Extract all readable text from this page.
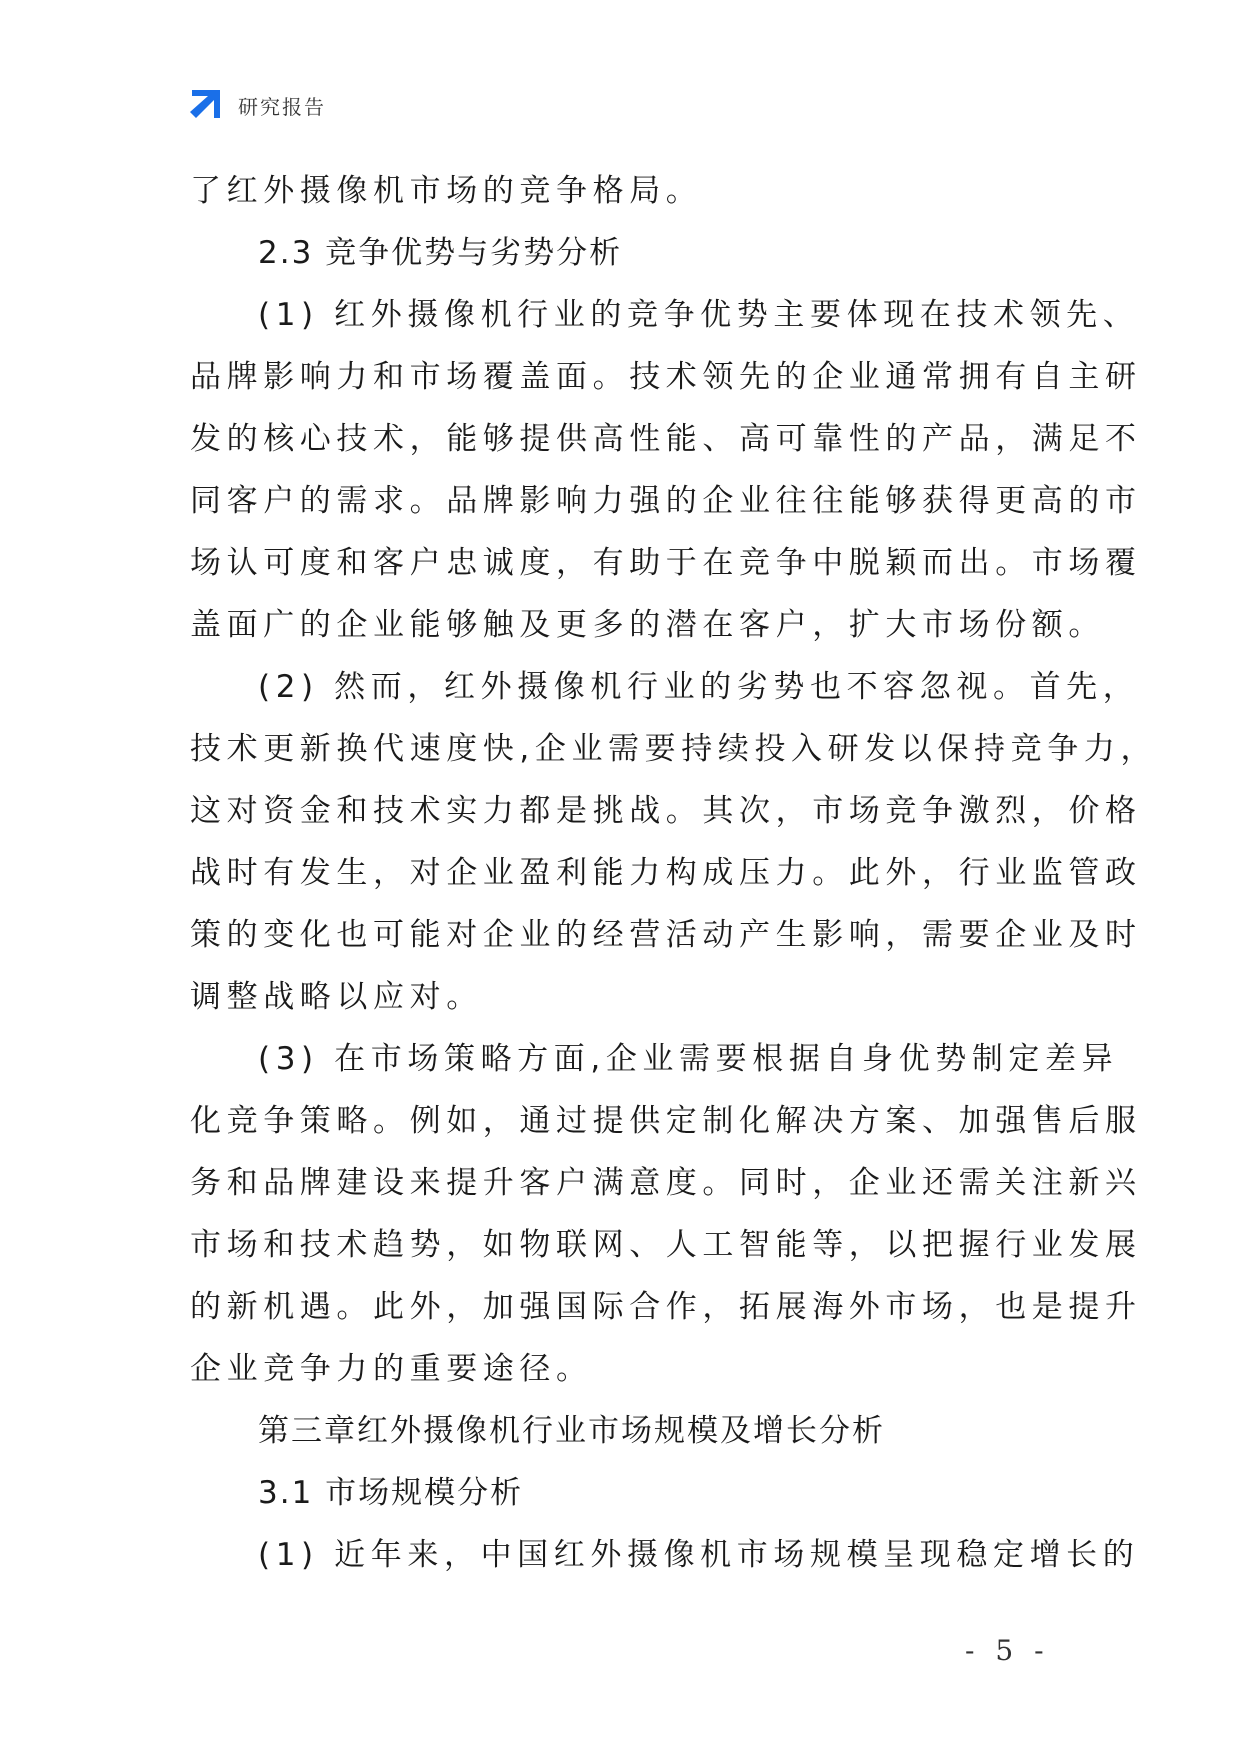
研究报告
了红外摄像机市场的竞争格局。
2.3 竞争优势与劣势分析
(1) 红外摄像机行业的竞争优势主要体现在技术领先、
品牌影响力和市场覆盖面。技术领先的企业通常拥有自主研
发的核心技术，能够提供高性能、高可靠性的产品，满足不
同客户的需求。品牌影响力强的企业往往能够获得更高的市
场认可度和客户忠诚度，有助于在竞争中脱颖而出。市场覆
盖面广的企业能够触及更多的潜在客户，扩大市场份额。
(2) 然而，红外摄像机行业的劣势也不容忽视。首先，
技术更新换代速度快,企业需要持续投入研发以保持竞争力，
这对资金和技术实力都是挑战。其次，市场竞争激烈，价格
战时有发生，对企业盈利能力构成压力。此外，行业监管政
策的变化也可能对企业的经营活动产生影响，需要企业及时
调整战略以应对。
(3) 在市场策略方面,企业需要根据自身优势制定差异
化竞争策略。例如，通过提供定制化解决方案、加强售后服
务和品牌建设来提升客户满意度。同时，企业还需关注新兴
市场和技术趋势，如物联网、人工智能等，以把握行业发展
的新机遇。此外，加强国际合作，拓展海外市场，也是提升
企业竞争力的重要途径。
第三章红外摄像机行业市场规模及增长分析
3.1 市场规模分析
(1) 近年来，中国红外摄像机市场规模呈现稳定增长的
- 5 -
